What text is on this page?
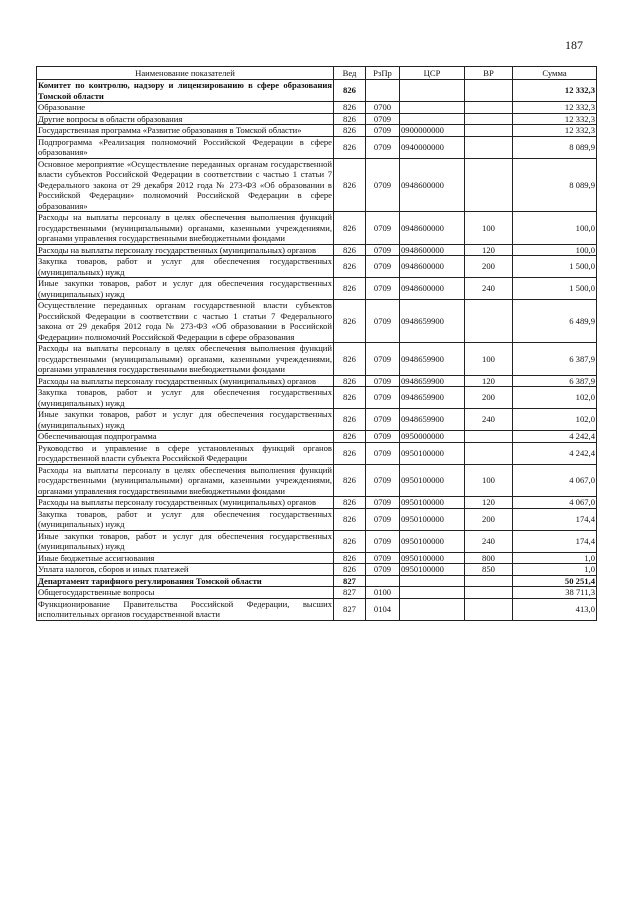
187
Наименование показателей	Вед	РзПр	ЦСР	ВР	Сумма
Комитет по контролю, надзору и лицензированию в сфере образования Томской области	826				12 332,3
Образование	826	0700			12 332,3
Другие вопросы в области образования	826	0709			12 332,3
Государственная программа «Развитие образования в Томской области»	826	0709	0900000000		12 332,3
Подпрограмма «Реализация полномочий Российской Федерации в сфере образования»	826	0709	0940000000		8 089,9
Основное мероприятие «Осуществление переданных органам государственной власти субъектов Российской Федерации в соответствии с частью 1 статьи 7 Федерального закона от 29 декабря 2012 года № 273-ФЗ «Об образовании в Российской Федерации» полномочий Российской Федерации в сфере образования»	826	0709	0948600000		8 089,9
Расходы на выплаты персоналу в целях обеспечения выполнения функций государственными (муниципальными) органами, казенными учреждениями, органами управления государственными внебюджетными фондами	826	0709	0948600000	100	100,0
Расходы на выплаты персоналу государственных (муниципальных) органов	826	0709	0948600000	120	100,0
Закупка товаров, работ и услуг для обеспечения государственных (муниципальных) нужд	826	0709	0948600000	200	1 500,0
Иные закупки товаров, работ и услуг для обеспечения государственных (муниципальных) нужд	826	0709	0948600000	240	1 500,0
Осуществление переданных органам государственной власти субъектов Российской Федерации в соответствии с частью 1 статьи 7 Федерального закона от 29 декабря 2012 года № 273-ФЗ «Об образовании в Российской Федерации» полномочий Российской Федерации в сфере образования	826	0709	0948659900		6 489,9
Расходы на выплаты персоналу в целях обеспечения выполнения функций государственными (муниципальными) органами, казенными учреждениями, органами управления государственными внебюджетными фондами	826	0709	0948659900	100	6 387,9
Расходы на выплаты персоналу государственных (муниципальных) органов	826	0709	0948659900	120	6 387,9
Закупка товаров, работ и услуг для обеспечения государственных (муниципальных) нужд	826	0709	0948659900	200	102,0
Иные закупки товаров, работ и услуг для обеспечения государственных (муниципальных) нужд	826	0709	0948659900	240	102,0
Обеспечивающая подпрограмма	826	0709	0950000000		4 242,4
Руководство и управление в сфере установленных функций органов государственной власти субъекта Российской Федерации	826	0709	0950100000		4 242,4
Расходы на выплаты персоналу в целях обеспечения выполнения функций государственными (муниципальными) органами, казенными учреждениями, органами управления государственными внебюджетными фондами	826	0709	0950100000	100	4 067,0
Расходы на выплаты персоналу государственных (муниципальных) органов	826	0709	0950100000	120	4 067,0
Закупка товаров, работ и услуг для обеспечения государственных (муниципальных) нужд	826	0709	0950100000	200	174,4
Иные закупки товаров, работ и услуг для обеспечения государственных (муниципальных) нужд	826	0709	0950100000	240	174,4
Иные бюджетные ассигнования	826	0709	0950100000	800	1,0
Уплата налогов, сборов и иных платежей	826	0709	0950100000	850	1,0
Департамент тарифного регулирования Томской области	827				50 251,4
Общегосударственные вопросы	827	0100			38 711,3
Функционирование Правительства Российской Федерации, высших исполнительных органов государственной власти	827	0104			413,0
